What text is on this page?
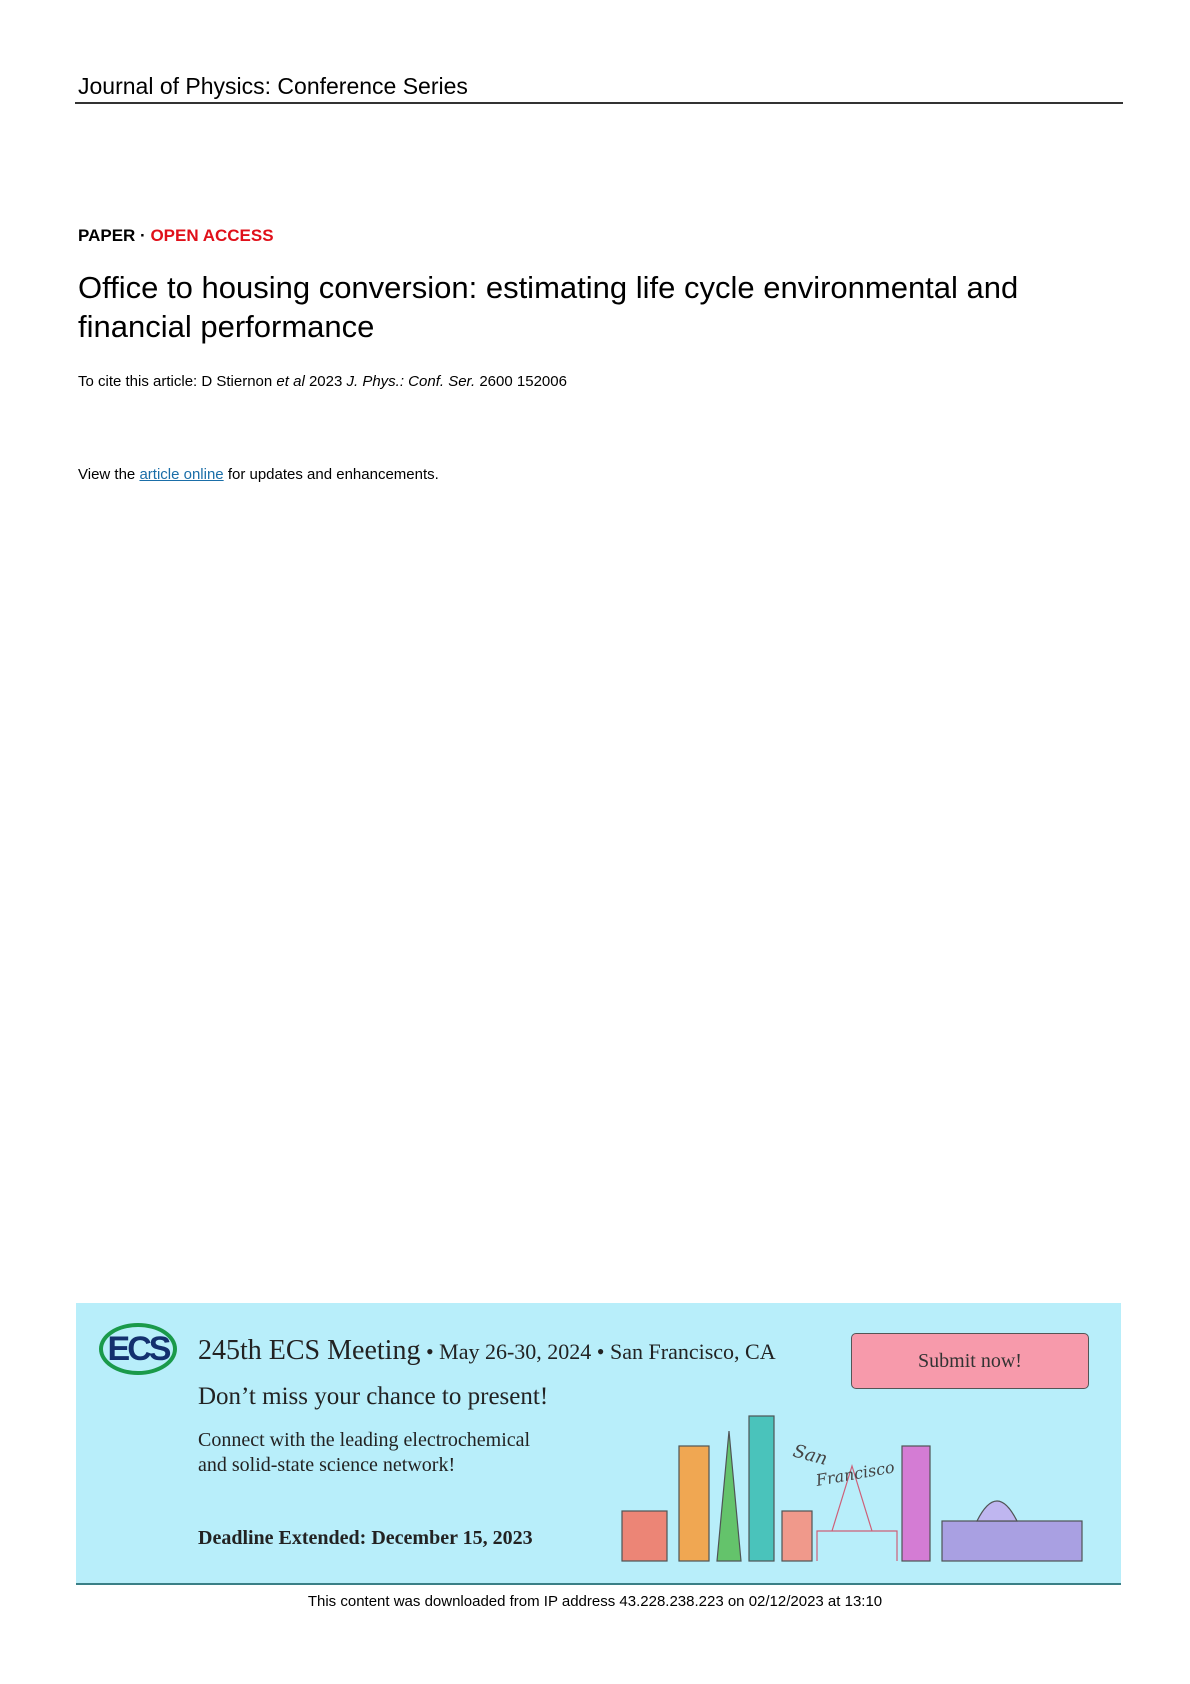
Journal of Physics: Conference Series
PAPER · OPEN ACCESS
Office to housing conversion: estimating life cycle environmental and financial performance
To cite this article: D Stiernon et al 2023 J. Phys.: Conf. Ser. 2600 152006
View the article online for updates and enhancements.
ECS	245th ECS Meeting • May 26-30, 2024 • San Francisco, CA	Submit now!
Don’t miss your chance to present!
Connect with the leading electrochemical
and solid-state science network!
Deadline Extended: December 15, 2023
San
Francisco
This content was downloaded from IP address 43.228.238.223 on 02/12/2023 at 13:10
